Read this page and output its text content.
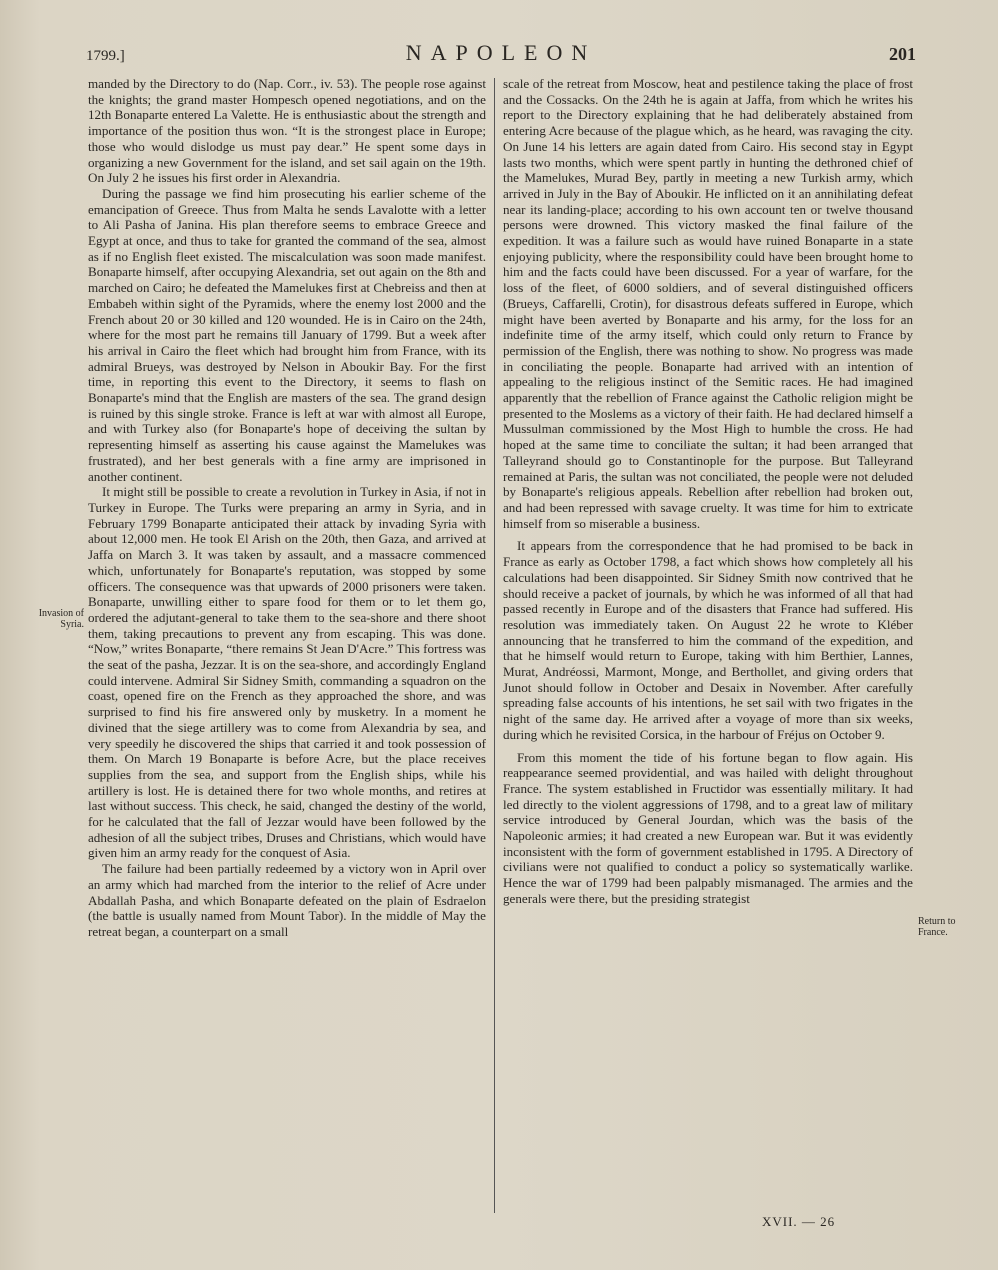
1799.]	NAPOLEON	201

manded by the Directory to do (Nap. Corr., iv. 53). The people rose against the knights; the grand master Hompesch opened negotiations, and on the 12th Bonaparte entered La Valette. He is enthusiastic about the strength and importance of the position thus won. “It is the strongest place in Europe; those who would dislodge us must pay dear.” He spent some days in organizing a new Government for the island, and set sail again on the 19th. On July 2 he issues his first order in Alexandria.

During the passage we find him prosecuting his earlier scheme of the emancipation of Greece. Thus from Malta he sends Lavalotte with a letter to Ali Pasha of Janina. His plan therefore seems to embrace Greece and Egypt at once, and thus to take for granted the command of the sea, almost as if no English fleet existed. The miscalculation was soon made manifest. Bonaparte himself, after occupying Alexandria, set out again on the 8th and marched on Cairo; he defeated the Mamelukes first at Chebreiss and then at Embabeh within sight of the Pyramids, where the enemy lost 2000 and the French about 20 or 30 killed and 120 wounded. He is in Cairo on the 24th, where for the most part he remains till January of 1799. But a week after his arrival in Cairo the fleet which had brought him from France, with its admiral Brueys, was destroyed by Nelson in Aboukir Bay. For the first time, in reporting this event to the Directory, it seems to flash on Bonaparte's mind that the English are masters of the sea. The grand design is ruined by this single stroke. France is left at war with almost all Europe, and with Turkey also (for Bonaparte's hope of deceiving the sultan by representing himself as asserting his cause against the Mamelukes was frustrated), and her best generals with a fine army are imprisoned in another continent.

It might still be possible to create a revolution in Turkey in Asia, if not in Turkey in Europe. The Turks were preparing an army in Syria, and in February 1799 Bonaparte anticipated their attack by invading Syria with about 12,000 men. He took El Arish on the 20th, then Gaza, and arrived at Jaffa on March 3. It was taken by assault, and a massacre commenced which, unfortunately for Bonaparte's reputation, was stopped by some officers. The consequence was that upwards of 2000 prisoners were taken. Bonaparte, unwilling either to spare food for them or to let them go, ordered the adjutant-general to take them to the sea-shore and there shoot them, taking precautions to prevent any from escaping. This was done. “Now,” writes Bonaparte, “there remains St Jean D'Acre.” This fortress was the seat of the pasha, Jezzar. It is on the sea-shore, and accordingly England could intervene. Admiral Sir Sidney Smith, commanding a squadron on the coast, opened fire on the French as they approached the shore, and was surprised to find his fire answered only by musketry. In a moment he divined that the siege artillery was to come from Alexandria by sea, and very speedily he discovered the ships that carried it and took possession of them. On March 19 Bonaparte is before Acre, but the place receives supplies from the sea, and support from the English ships, while his artillery is lost. He is detained there for two whole months, and retires at last without success. This check, he said, changed the destiny of the world, for he calculated that the fall of Jezzar would have been followed by the adhesion of all the subject tribes, Druses and Christians, which would have given him an army ready for the conquest of Asia.

The failure had been partially redeemed by a victory won in April over an army which had marched from the interior to the relief of Acre under Abdallah Pasha, and which Bonaparte defeated on the plain of Esdraelon (the battle is usually named from Mount Tabor). In the middle of May the retreat began, a counterpart on a small

scale of the retreat from Moscow, heat and pestilence taking the place of frost and the Cossacks. On the 24th he is again at Jaffa, from which he writes his report to the Directory explaining that he had deliberately abstained from entering Acre because of the plague which, as he heard, was ravaging the city. On June 14 his letters are again dated from Cairo. His second stay in Egypt lasts two months, which were spent partly in hunting the dethroned chief of the Mamelukes, Murad Bey, partly in meeting a new Turkish army, which arrived in July in the Bay of Aboukir. He inflicted on it an annihilating defeat near its landing-place; according to his own account ten or twelve thousand persons were drowned. This victory masked the final failure of the expedition. It was a failure such as would have ruined Bonaparte in a state enjoying publicity, where the responsibility could have been brought home to him and the facts could have been discussed. For a year of warfare, for the loss of the fleet, of 6000 soldiers, and of several distinguished officers (Brueys, Caffarelli, Crotin), for disastrous defeats suffered in Europe, which might have been averted by Bonaparte and his army, for the loss for an indefinite time of the army itself, which could only return to France by permission of the English, there was nothing to show. No progress was made in conciliating the people. Bonaparte had arrived with an intention of appealing to the religious instinct of the Semitic races. He had imagined apparently that the rebellion of France against the Catholic religion might be presented to the Moslems as a victory of their faith. He had declared himself a Mussulman commissioned by the Most High to humble the cross. He had hoped at the same time to conciliate the sultan; it had been arranged that Talleyrand should go to Constantinople for the purpose. But Talleyrand remained at Paris, the sultan was not conciliated, the people were not deluded by Bonaparte's religious appeals. Rebellion after rebellion had broken out, and had been repressed with savage cruelty. It was time for him to extricate himself from so miserable a business.

It appears from the correspondence that he had promised to be back in France as early as October 1798, a fact which shows how completely all his calculations had been disappointed. Sir Sidney Smith now contrived that he should receive a packet of journals, by which he was informed of all that had passed recently in Europe and of the disasters that France had suffered. His resolution was immediately taken. On August 22 he wrote to Kléber announcing that he transferred to him the command of the expedition, and that he himself would return to Europe, taking with him Berthier, Lannes, Murat, Andréossi, Marmont, Monge, and Berthollet, and giving orders that Junot should follow in October and Desaix in November. After carefully spreading false accounts of his intentions, he set sail with two frigates in the night of the same day. He arrived after a voyage of more than six weeks, during which he revisited Corsica, in the harbour of Fréjus on October 9.

From this moment the tide of his fortune began to flow again. His reappearance seemed providential, and was hailed with delight throughout France. The system established in Fructidor was essentially military. It had led directly to the violent aggressions of 1798, and to a great law of military service introduced by General Jourdan, which was the basis of the Napoleonic armies; it had created a new European war. But it was evidently inconsistent with the form of government established in 1795. A Directory of civilians were not qualified to conduct a policy so systematically warlike. Hence the war of 1799 had been palpably mismanaged. The armies and the generals were there, but the presiding strategist

Invasion of Syria.
Return to France.
XVII. — 26
